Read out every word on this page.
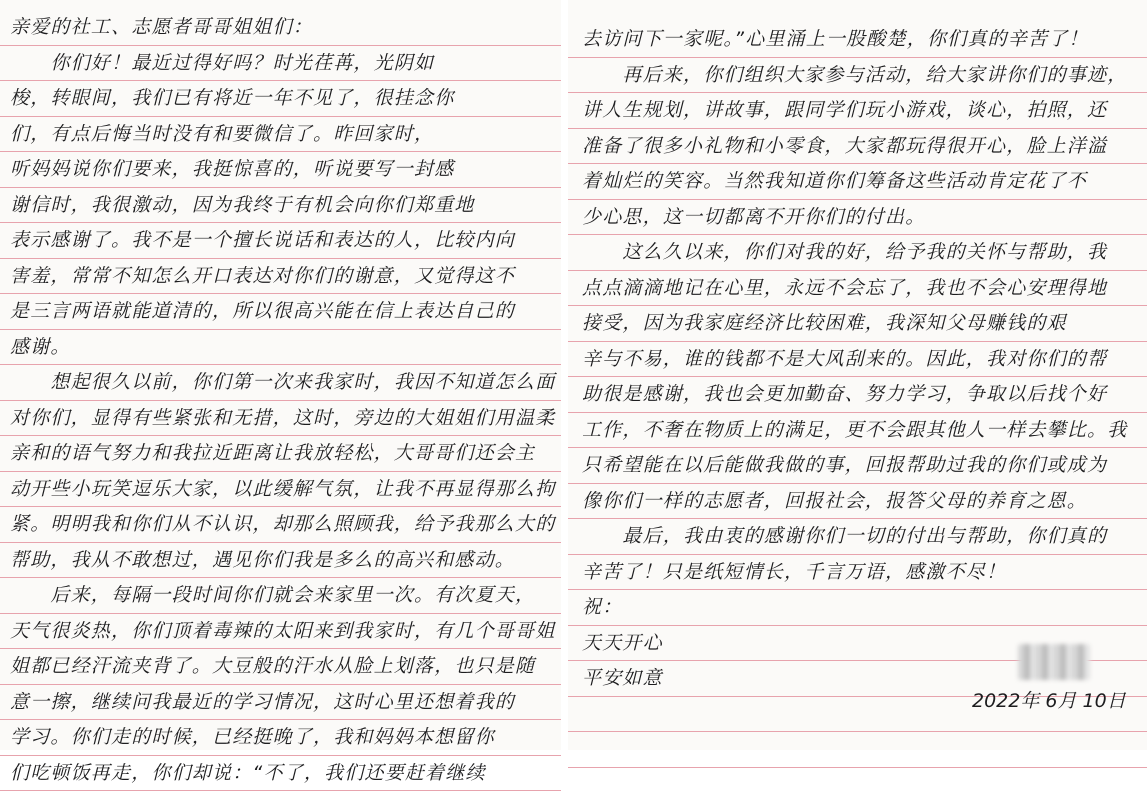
亲爱的社工、志愿者哥哥姐姐们：
　　你们好！最近过得好吗？时光荏苒，光阴如
梭，转眼间，我们已有将近一年不见了，很挂念你
们，有点后悔当时没有和要微信了。昨回家时，
听妈妈说你们要来，我挺惊喜的，听说要写一封感
谢信时，我很激动，因为我终于有机会向你们郑重地
表示感谢了。我不是一个擅长说话和表达的人，比较内向
害羞，常常不知怎么开口表达对你们的谢意，又觉得这不
是三言两语就能道清的，所以很高兴能在信上表达自己的
感谢。
　　想起很久以前，你们第一次来我家时，我因不知道怎么面
对你们，显得有些紧张和无措，这时，旁边的大姐姐们用温柔
亲和的语气努力和我拉近距离让我放轻松，大哥哥们还会主
动开些小玩笑逗乐大家，以此缓解气氛，让我不再显得那么拘
紧。明明我和你们从不认识，却那么照顾我，给予我那么大的
帮助，我从不敢想过，遇见你们我是多么的高兴和感动。
　　后来，每隔一段时间你们就会来家里一次。有次夏天，
天气很炎热，你们顶着毒辣的太阳来到我家时，有几个哥哥姐
姐都已经汗流夹背了。大豆般的汗水从脸上划落，也只是随
意一擦，继续问我最近的学习情况，这时心里还想着我的
学习。你们走的时候，已经挺晚了，我和妈妈本想留你
们吃顿饭再走，你们却说：“不了，我们还要赶着继续
去访问下一家呢。”心里涌上一股酸楚，你们真的辛苦了！
　　再后来，你们组织大家参与活动，给大家讲你们的事迹，
讲人生规划，讲故事，跟同学们玩小游戏，谈心，拍照，还
准备了很多小礼物和小零食，大家都玩得很开心，脸上洋溢
着灿烂的笑容。当然我知道你们筹备这些活动肯定花了不
少心思，这一切都离不开你们的付出。
　　这么久以来，你们对我的好，给予我的关怀与帮助，我
点点滴滴地记在心里，永远不会忘了，我也不会心安理得地
接受，因为我家庭经济比较困难，我深知父母赚钱的艰
辛与不易，谁的钱都不是大风刮来的。因此，我对你们的帮
助很是感谢，我也会更加勤奋、努力学习，争取以后找个好
工作，不奢在物质上的满足，更不会跟其他人一样去攀比。我
只希望能在以后能做我做的事，回报帮助过我的你们或成为
像你们一样的志愿者，回报社会，报答父母的养育之恩。
　　最后，我由衷的感谢你们一切的付出与帮助，你们真的
辛苦了！只是纸短情长，千言万语，感激不尽！
祝：
天天开心
平安如意
2022年 6月 10日
